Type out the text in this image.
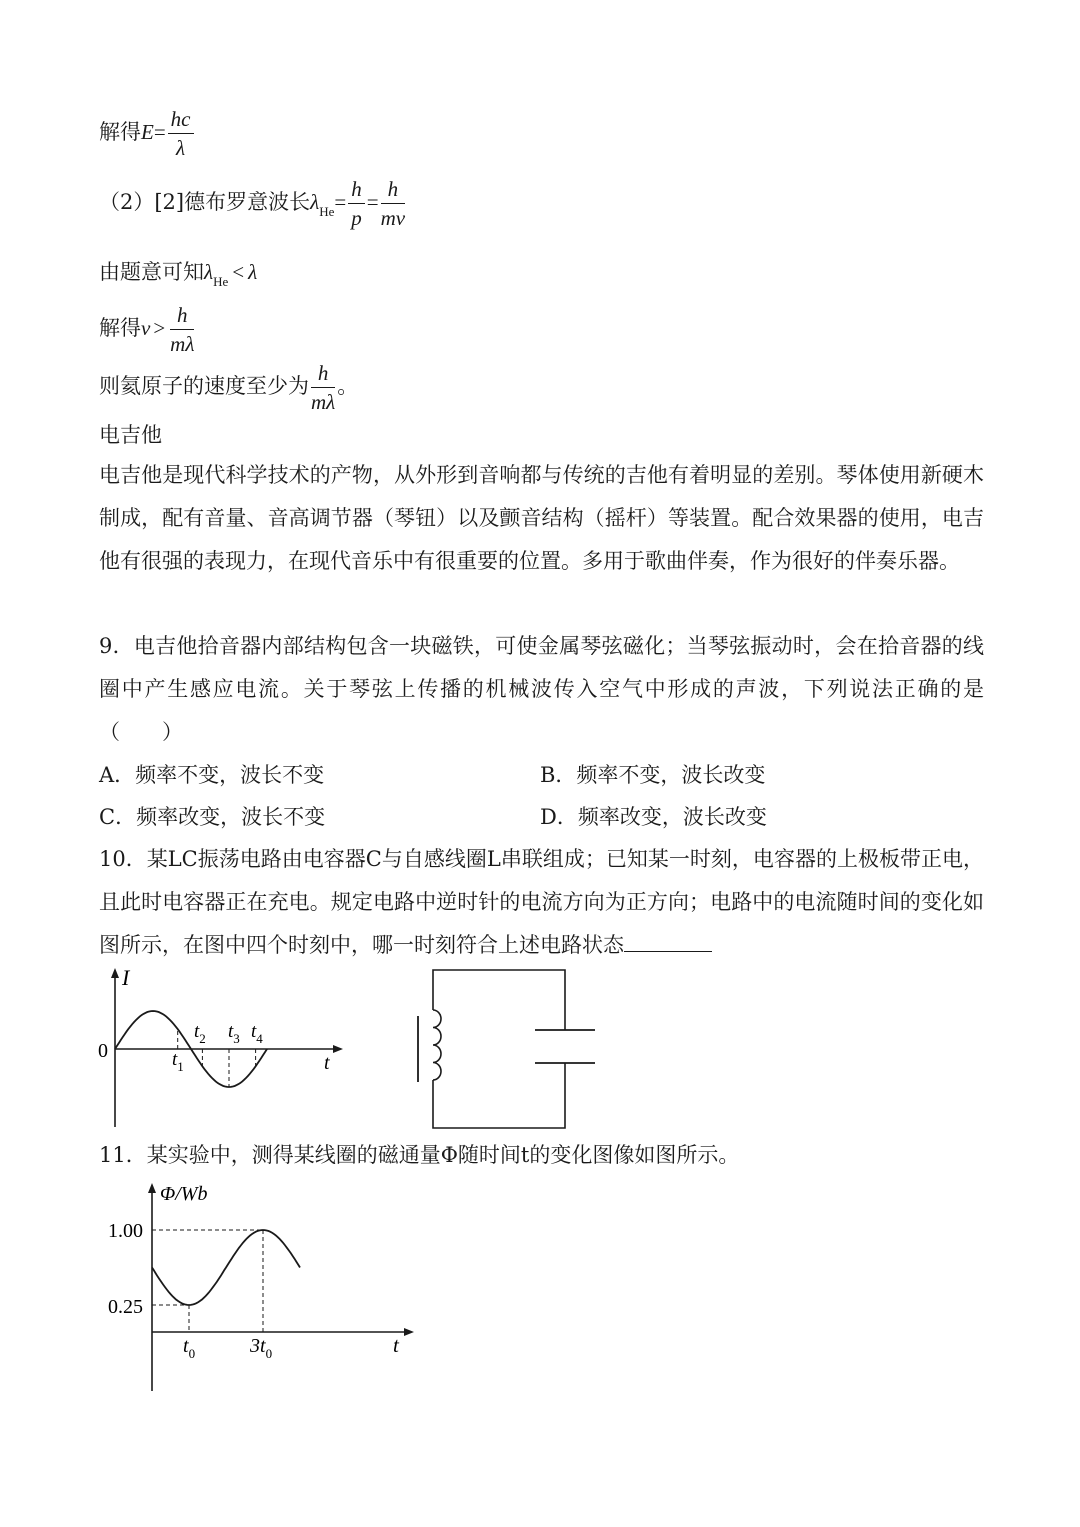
解得$E= \frac{hc}{\lambda}$
（2）[2]德布罗意波长$\lambda_{He}= \frac{h}{p} = \frac{h}{mv}$
由题意可知$\lambda_{He} < \lambda$
解得$v > \frac{h}{m\lambda}$
则氦原子的速度至少为 $\frac{h}{m\lambda}$ 。
电吉他
电吉他是现代科学技术的产物，从外形到音响都与传统的吉他有着明显的差别。琴体使用新硬木制成，配有音量、音高调节器（琴钮）以及颤音结构（摇杆）等装置。配合效果器的使用，电吉他有很强的表现力，在现代音乐中有很重要的位置。多用于歌曲伴奏，作为很好的伴奏乐器。
9．电吉他拾音器内部结构包含一块磁铁，可使金属琴弦磁化；当琴弦振动时，会在拾音器的线圈中产生感应电流。关于琴弦上传播的机械波传入空气中形成的声波，下列说法正确的是（　　）
A．频率不变，波长不变	B．频率不变，波长改变
C．频率改变，波长不变	D．频率改变，波长改变
10．某LC振荡电路由电容器C与自感线圈L串联组成；已知某一时刻，电容器的上极板带正电，且此时电容器正在充电。规定电路中逆时针的电流方向为正方向；电路中的电流随时间的变化如图所示，在图中四个时刻中，哪一时刻符合上述电路状态
I
0
t
$t_1$
$t_2$ $t_3$ $t_4$
11．某实验中，测得某线圈的磁通量Φ随时间t的变化图像如图所示。
Φ/Wb
1.00
0.25
t
$t_0$	$3t_0$
